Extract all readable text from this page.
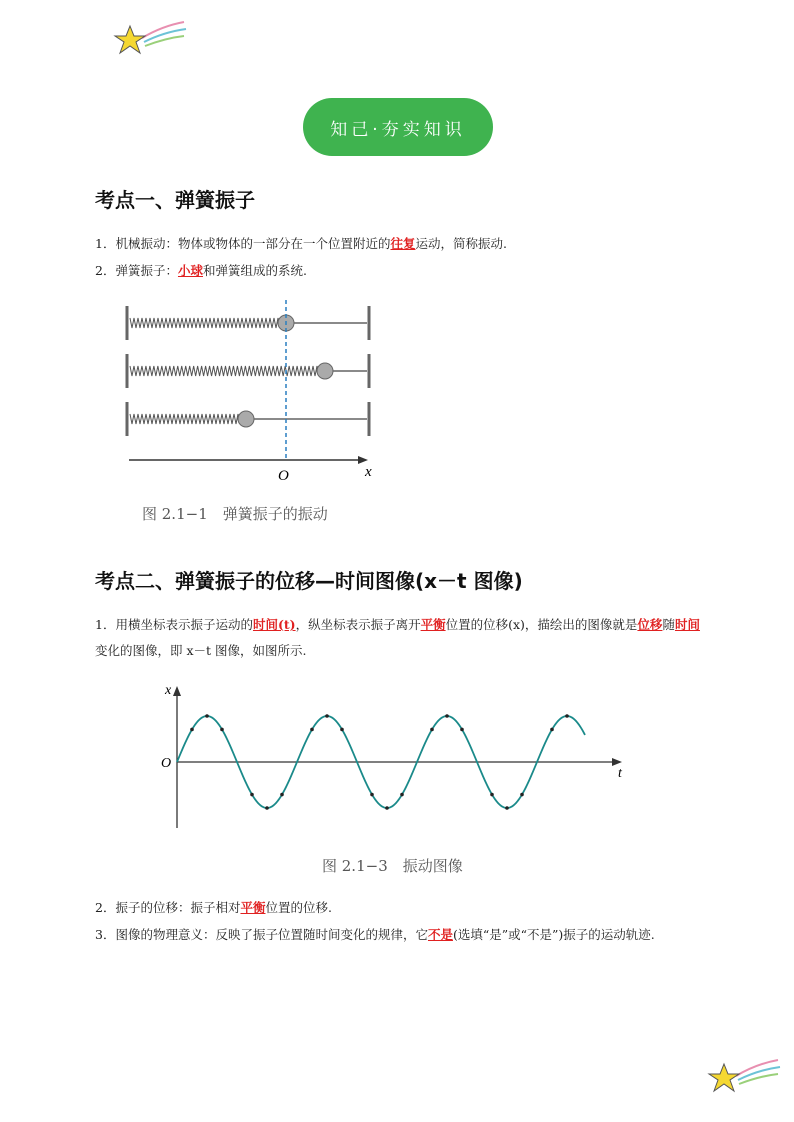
知己·夯实知识
考点一、弹簧振子
1．机械振动：物体或物体的一部分在一个位置附近的往复运动，简称振动.
2．弹簧振子：小球和弹簧组成的系统.
O	x
图 2.1−1　弹簧振子的振动
考点二、弹簧振子的位移—时间图像(x－t 图像)
1．用横坐标表示振子运动的时间(t)，纵坐标表示振子离开平衡位置的位移(x)，描绘出的图像就是位移随时间变化的图像，即 x－t 图像，如图所示.
x
t
O
图 2.1−3　振动图像
2．振子的位移：振子相对平衡位置的位移.
3．图像的物理意义：反映了振子位置随时间变化的规律，它不是(选填“是”或“不是”)振子的运动轨迹.
